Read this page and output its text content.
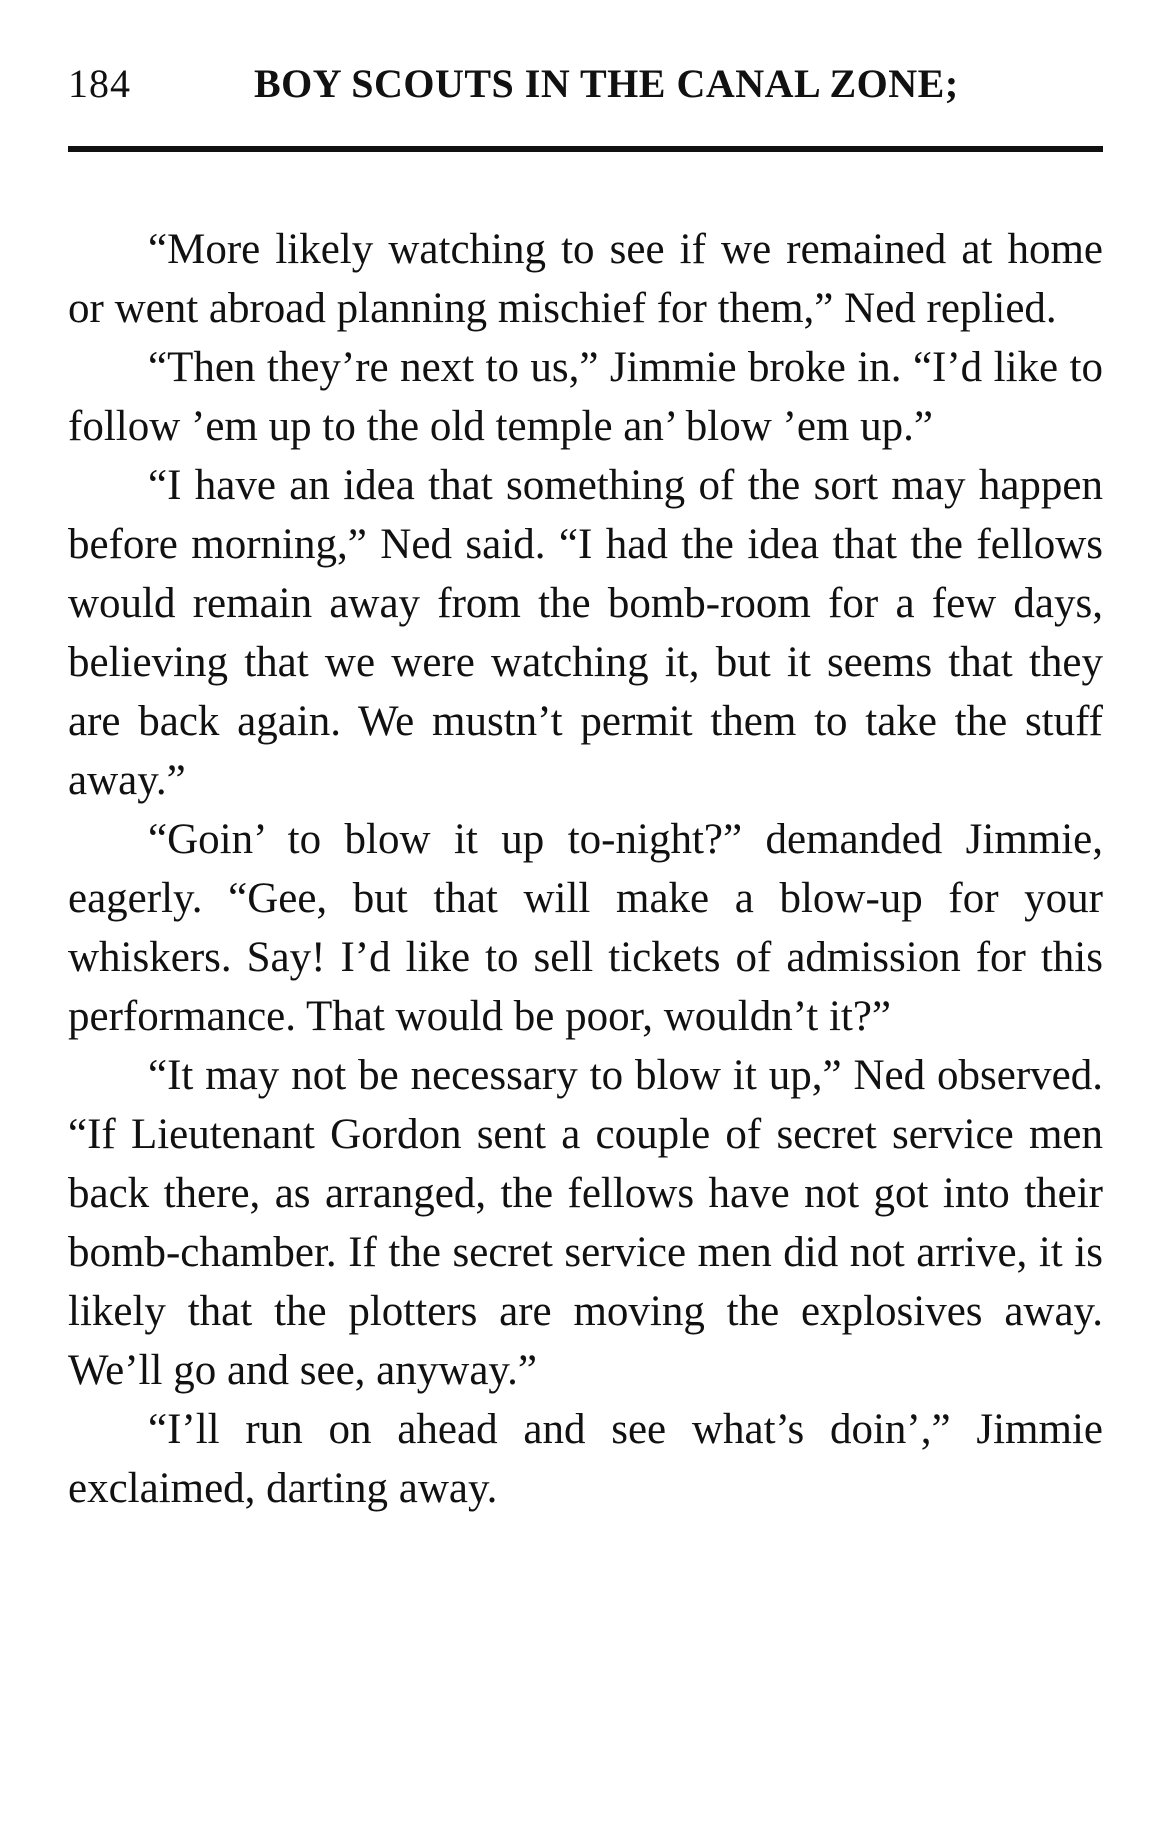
184	BOY SCOUTS IN THE CANAL ZONE;

“More likely watching to see if we remained at home or went abroad planning mischief for them,” Ned replied.

“Then they’re next to us,” Jimmie broke in. “I’d like to follow ’em up to the old temple an’ blow ’em up.”

“I have an idea that something of the sort may happen before morning,” Ned said. “I had the idea that the fellows would remain away from the bomb-room for a few days, believing that we were watching it, but it seems that they are back again. We mustn’t permit them to take the stuff away.”

“Goin’ to blow it up to-night?” demanded Jimmie, eagerly. “Gee, but that will make a blow-up for your whiskers. Say! I’d like to sell tickets of admission for this performance. That would be poor, wouldn’t it?”

“It may not be necessary to blow it up,” Ned observed. “If Lieutenant Gordon sent a couple of secret service men back there, as arranged, the fellows have not got into their bomb-chamber. If the secret service men did not arrive, it is likely that the plotters are moving the explosives away. We’ll go and see, anyway.”

“I’ll run on ahead and see what’s doin’,” Jimmie exclaimed, darting away.
